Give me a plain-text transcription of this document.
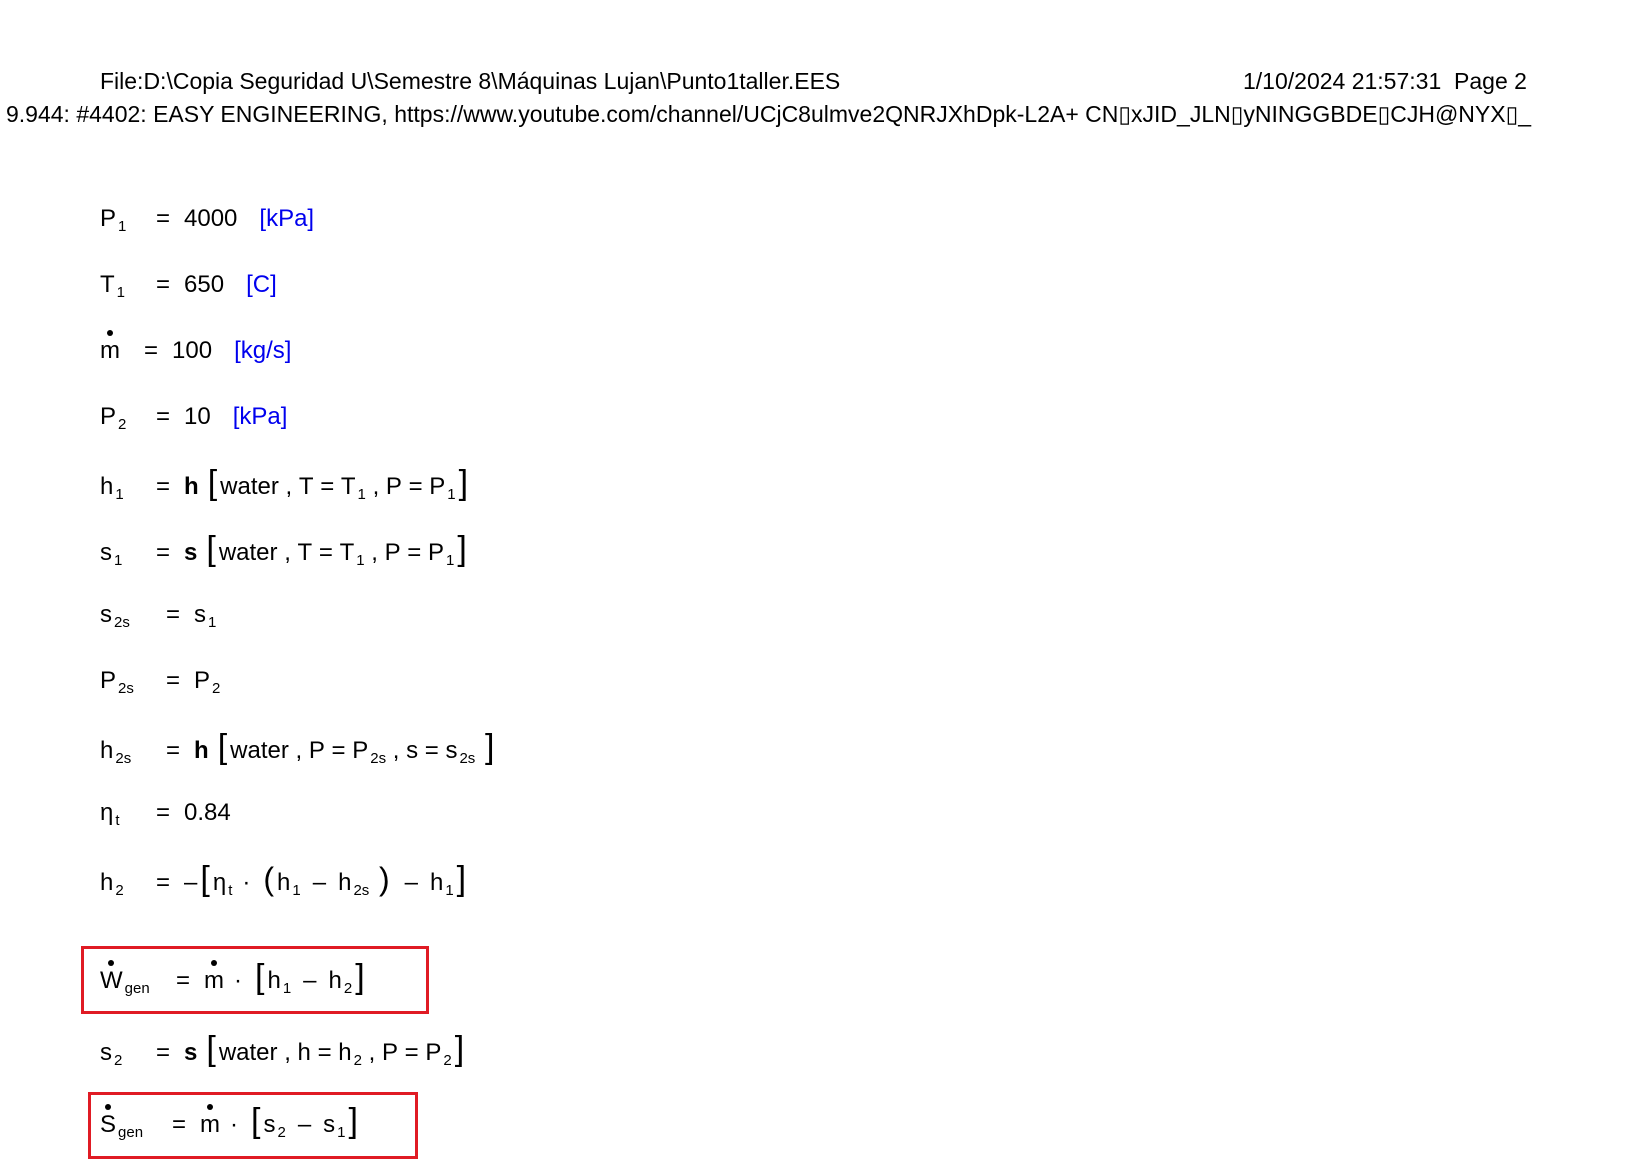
File:D:\Copia Seguridad U\Semestre 8\Máquinas Lujan\Punto1taller.EES	1/10/2024 21:57:31 Page 2
9.944: #4402: EASY ENGINEERING, https://www.youtube.com/channel/UCjC8ulmve2QNRJXhDpk-L2A+ CN▯xJID_JLN▯yNINGGBDE▯CJH@NYX▯_
P $_1$ = 4000 [kPa]
T $_1$ = 650 [C]
m = 100 [kg/s]
P $_2$ = 10 [kPa]
h $_1$ = h [ water , T = T $_1$ , P = P $_1$]
s $_1$ = s [ water , T = T $_1$ , P = P $_1$]
s $_{2s}$ = s $_1$
P $_{2s}$ = P $_2$
h $_{2s}$ = h [ water , P = P $_{2s}$ , s = s $_{2s}$ ]
η $_t$ = 0.84
h $_2$ = –[ η $_t$ · ( h $_1$ – h $_{2s}$ ) – h $_1$]
W $_{gen}$ = m · [ h $_1$ – h $_2$]
s $_2$ = s [ water , h = h $_2$ , P = P $_2$]
S $_{gen}$ = m · [ s $_2$ – s $_1$]
